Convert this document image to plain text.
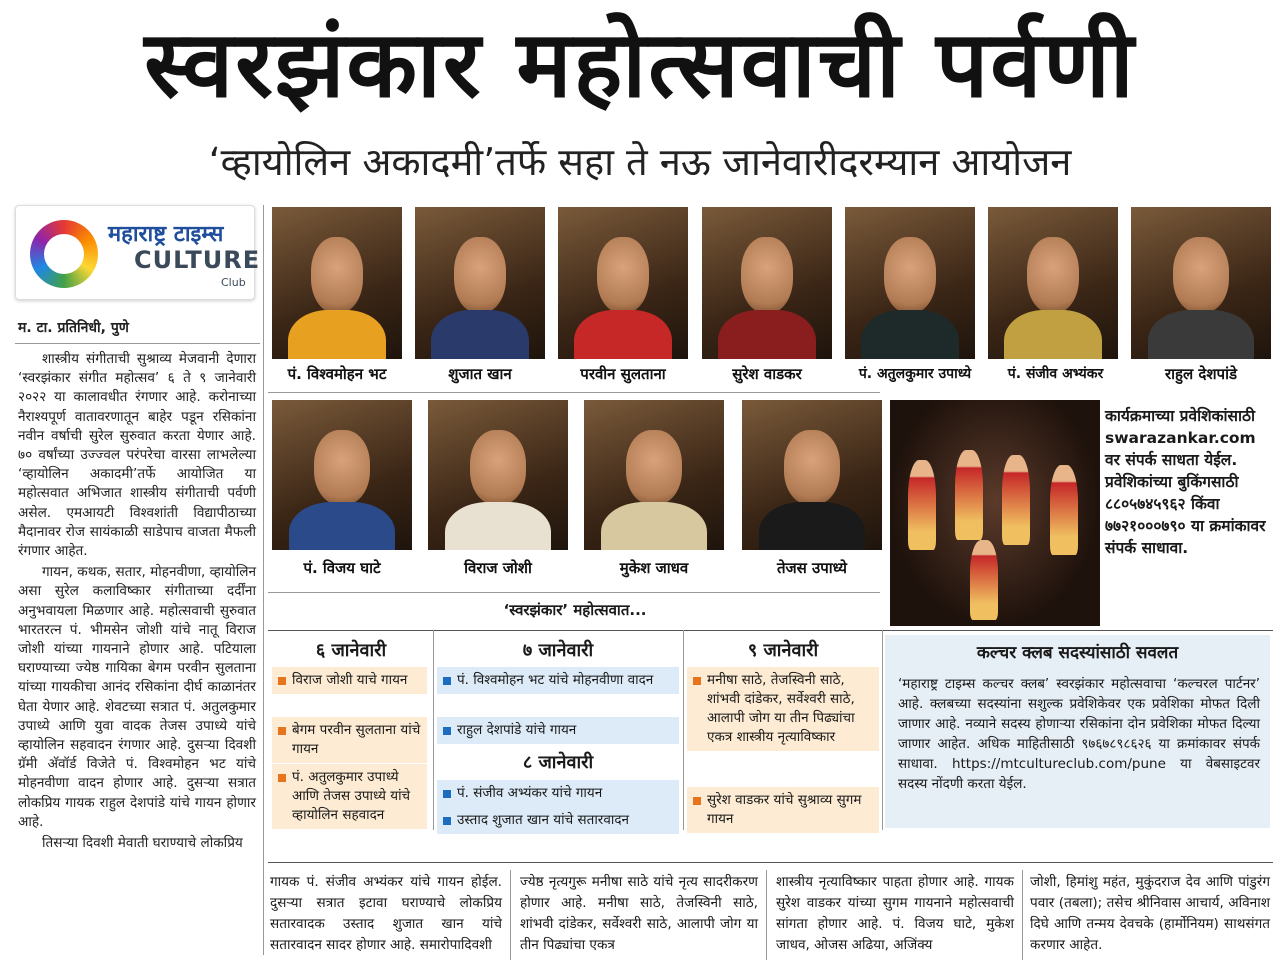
स्वरझंकार महोत्सवाची पर्वणी
‘व्हायोलिन अकादमी’तर्फे सहा ते नऊ जानेवारीदरम्यान आयोजन
महाराष्ट्र टाइम्स
CULTURE
Club
म. टा. प्रतिनिधी, पुणे

शास्त्रीय संगीताची सुश्राव्य मेजवानी देणारा ‘स्वरझंकार संगीत महोत्सव’ ६ ते ९ जानेवारी २०२२ या कालावधीत रंगणार आहे. करोनाच्या नैराश्यपूर्ण वातावरणातून बाहेर पडून रसिकांना नवीन वर्षाची सुरेल सुरुवात करता येणार आहे. ७० वर्षांच्या उज्ज्वल परंपरेचा वारसा लाभलेल्या ‘व्हायोलिन अकादमी’तर्फे आयोजित या महोत्सवात अभिजात शास्त्रीय संगीताची पर्वणी असेल. एमआयटी विश्वशांती विद्यापीठाच्या मैदानावर रोज सायंकाळी साडेपाच वाजता मैफली रंगणार आहेत.

गायन, कथक, सतार, मोहनवीणा, व्हायोलिन असा सुरेल कलाविष्कार संगीताच्या दर्दींना अनुभवायला मिळणार आहे. महोत्सवाची सुरुवात भारतरत्न पं. भीमसेन जोशी यांचे नातू विराज जोशी यांच्या गायनाने होणार आहे. पटियाला घराण्याच्या ज्येष्ठ गायिका बेगम परवीन सुलताना यांच्या गायकीचा आनंद रसिकांना दीर्घ काळानंतर घेता येणार आहे. शेवटच्या सत्रात पं. अतुलकुमार उपाध्ये आणि युवा वादक तेजस उपाध्ये यांचे व्हायोलिन सहवादन रंगणार आहे. दुसऱ्या दिवशी ग्रॅमी अ‍ॅवॉर्ड विजेते पं. विश्वमोहन भट यांचे मोहनवीणा वादन होणार आहे. दुसऱ्या सत्रात लोकप्रिय गायक राहुल देशपांडे यांचे गायन होणार आहे.

तिसऱ्या दिवशी मेवाती घराण्याचे लोकप्रिय

पं. विश्वमोहन भट	शुजात खान	परवीन सुलताना	सुरेश वाडकर	पं. अतुलकुमार उपाध्ये	पं. संजीव अभ्यंकर	राहुल देशपांडे
पं. विजय घाटे	विराज जोशी	मुकेश जाधव	तेजस उपाध्ये
कार्यक्रमाच्या प्रवेशिकांसाठी swarazankar.com वर संपर्क साधता येईल. प्रवेशिकांच्या बुकिंगसाठी ८८०५७४५९६२ किंवा ७७२१०००७९० या क्रमांकावर संपर्क साधावा.
‘स्वरझंकार’ महोत्सवात...
६ जानेवारी
विराज जोशी याचे गायन
बेगम परवीन सुलताना यांचे गायन
पं. अतुलकुमार उपाध्ये आणि तेजस उपाध्ये यांचे व्हायोलिन सहवादन
७ जानेवारी
पं. विश्वमोहन भट यांचे मोहनवीणा वादन
राहुल देशपांडे यांचे गायन
८ जानेवारी
पं. संजीव अभ्यंकर यांचे गायन
उस्ताद शुजात खान यांचे सतारवादन
९ जानेवारी
मनीषा साठे, तेजस्विनी साठे, शांभवी दांडेकर, सर्वेश्वरी साठे, आलापी जोग या तीन पिढ्यांचा एकत्र शास्त्रीय नृत्याविष्कार
सुरेश वाडकर यांचे सुश्राव्य सुगम गायन
कल्चर क्लब सदस्यांसाठी सवलत
‘महाराष्ट्र टाइम्स कल्चर क्लब’ स्वरझंकार महोत्सवाचा ‘कल्चरल पार्टनर’ आहे. क्लबच्या सदस्यांना सशुल्क प्रवेशिकेवर एक प्रवेशिका मोफत दिली जाणार आहे. नव्याने सदस्य होणाऱ्या रसिकांना दोन प्रवेशिका मोफत दिल्या जाणार आहेत. अधिक माहितीसाठी ९७६७८९८६२६ या क्रमांकावर संपर्क साधावा. https://mtcultureclub.com/pune या वेबसाइटवर सदस्य नोंदणी करता येईल.
गायक पं. संजीव अभ्यंकर यांचे गायन होईल. दुसऱ्या सत्रात इटावा घराण्याचे लोकप्रिय सतारवादक उस्ताद शुजात खान यांचे सतारवादन सादर होणार आहे. समारोपादिवशी
ज्येष्ठ नृत्यगुरू मनीषा साठे यांचे नृत्य सादरीकरण होणार आहे. मनीषा साठे, तेजस्विनी साठे, शांभवी दांडेकर, सर्वेश्वरी साठे, आलापी जोग या तीन पिढ्यांचा एकत्र
शास्त्रीय नृत्याविष्कार पाहता होणार आहे. गायक सुरेश वाडकर यांच्या सुगम गायनाने महोत्सवाची सांगता होणार आहे. पं. विजय घाटे, मुकेश जाधव, ओजस अढिया, अजिंक्य
जोशी, हिमांशु महंत, मुकुंदराज देव आणि पांडुरंग पवार (तबला); तसेच श्रीनिवास आचार्य, अविनाश दिघे आणि तन्मय देवचके (हार्मोनियम) साथसंगत करणार आहेत.
